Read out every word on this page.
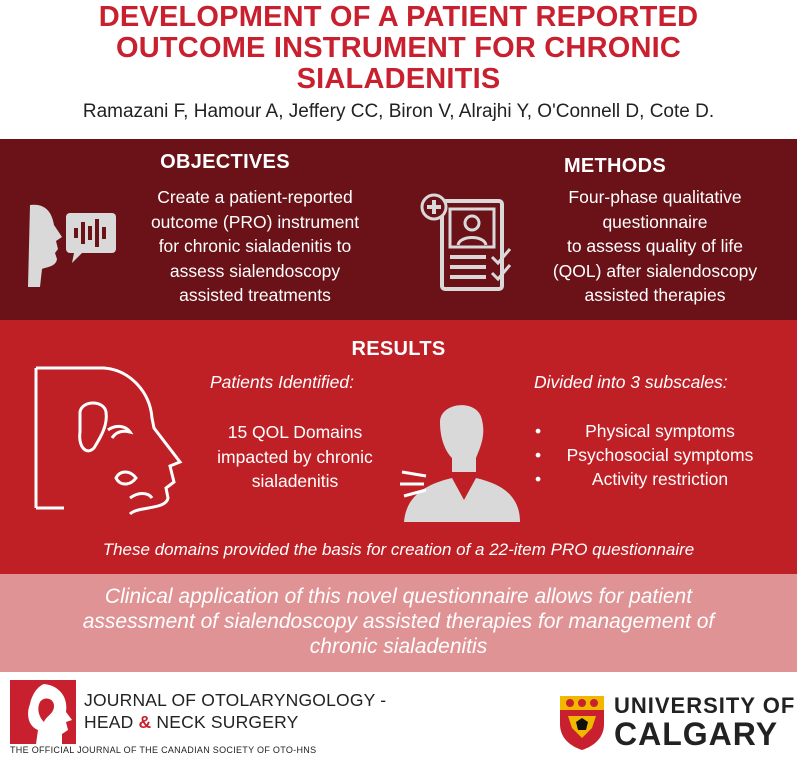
DEVELOPMENT OF A PATIENT REPORTED
OUTCOME INSTRUMENT FOR CHRONIC
SIALADENITIS
Ramazani F, Hamour A, Jeffery CC, Biron V, Alrajhi Y, O'Connell D, Cote D.
OBJECTIVES
Create a patient-reported
outcome (PRO) instrument
for chronic sialadenitis to
assess sialendoscopy
assisted treatments
METHODS
Four-phase qualitative
questionnaire
to assess quality of life
(QOL) after sialendoscopy
assisted therapies
RESULTS
Patients Identified:
15 QOL Domains
impacted by chronic
sialadenitis
Divided into 3 subscales:
•	Physical symptoms
• Psychosocial symptoms
•	Activity restriction
These domains provided the basis for creation of a 22-item PRO questionnaire
Clinical application of this novel questionnaire allows for patient
assessment of sialendoscopy assisted therapies for management of
chronic sialadenitis
JOURNAL OF OTOLARYNGOLOGY -
HEAD & NECK SURGERY
THE OFFICIAL JOURNAL OF THE CANADIAN SOCIETY OF OTO-HNS
UNIVERSITY OF
CALGARY
